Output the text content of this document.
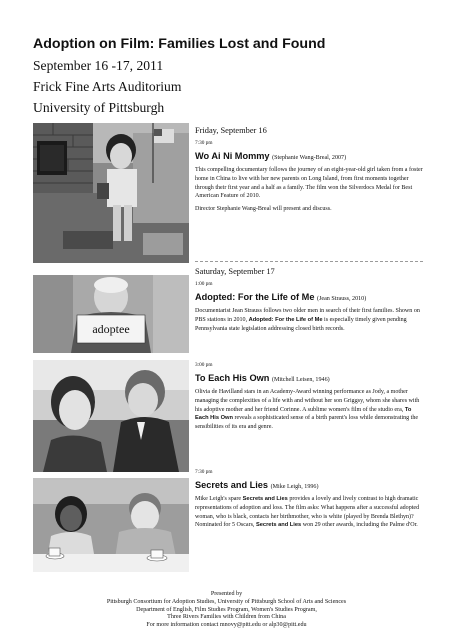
Adoption on Film: Families Lost and Found
September 16 -17, 2011
Frick Fine Arts Auditorium
University of Pittsburgh
adoptee

Friday, September 16

7:30 pm

Wo Ai Ni Mommy (Stephanie Wang-Breal, 2007)

This compelling documentary follows the journey of an eight-year-old girl taken from a foster home in China to live with her new parents on Long Island, from first moments together through their first year and a half as a family. The film won the Silverdocs Medal for Best American Feature of 2010.

Director Stephanie Wang-Breal will present and discuss.

Saturday, September 17

1:00 pm

Adopted: For the Life of Me (Jean Strauss, 2010)

Documentarist Jean Strauss follows two older men in search of their first families. Shown on PBS stations in 2010, Adopted: For the Life of Me is especially timely given pending Pennsylvania state legislation addressing closed birth records.

3:00 pm

To Each His Own (Mitchell Leisen, 1946)

Olivia de Havilland stars in an Academy-Award winning performance as Jody, a mother managing the complexities of a life with and without her son Griggsy, whom she shares with his adoptive mother and her friend Corinne. A sublime women's film of the studio era, To Each His Own reveals a sophisticated sense of a birth parent's loss while demonstrating the sensibilities of its era and genre.

7:30 pm

Secrets and Lies (Mike Leigh, 1996)

Mike Leigh's spare Secrets and Lies provides a lovely and lively contrast to high dramatic representations of adoption and loss. The film asks: What happens after a successful adopted woman, who is black, contacts her birthmother, who is white (played by Brenda Blethyn)? Nominated for 5 Oscars, Secrets and Lies won 29 other awards, including the Palme d'Or.

Presented by
Pittsburgh Consortium for Adoption Studies, University of Pittsburgh School of Arts and Sciences
Department of English, Film Studies Program, Women's Studies Program,
Three Rivers Families with Children from China
For more information contact mnovy@pitt.edu or alp30@pitt.edu
